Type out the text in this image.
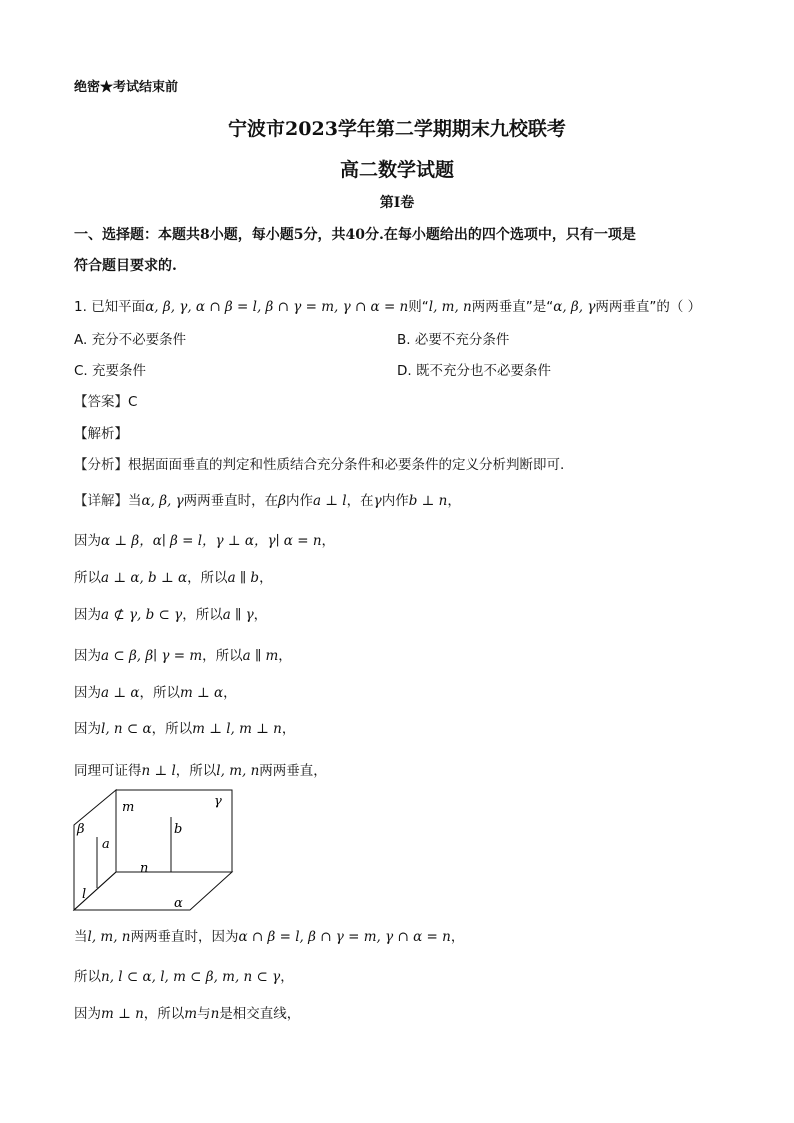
绝密★考试结束前
宁波市2023学年第二学期期末九校联考
高二数学试题
第I卷
一、选择题：本题共8小题，每小题5分，共40分.在每小题给出的四个选项中，只有一项是
符合题目要求的.
1. 已知平面α, β, γ, α ∩ β = l, β ∩ γ = m, γ ∩ α = n则“l, m, n两两垂直”是“α, β, γ两两垂直”的（ ）
A. 充分不必要条件	B. 必要不充分条件
C. 充要条件	D. 既不充分也不必要条件
【答案】C
【解析】
【分析】根据面面垂直的判定和性质结合充分条件和必要条件的定义分析判断即可.
【详解】当α, β, γ两两垂直时，在β内作a ⊥ l，在γ内作b ⊥ n，
因为α ⊥ β，α∣ β = l，γ ⊥ α，γ∣ α = n，
所以a ⊥ α, b ⊥ α，所以a ∥ b，
因为a ⊄ γ, b ⊂ γ，所以a ∥ γ，
因为a ⊂ β, β∣ γ = m，所以a ∥ m，
因为a ⊥ α，所以m ⊥ α，
因为l, n ⊂ α，所以m ⊥ l, m ⊥ n，
同理可证得n ⊥ l，所以l, m, n两两垂直，
m	γ
β
a
b
n
l
α
当l, m, n两两垂直时，因为α ∩ β = l, β ∩ γ = m, γ ∩ α = n，
所以n, l ⊂ α, l, m ⊂ β, m, n ⊂ γ，
因为m ⊥ n，所以m与n是相交直线，
